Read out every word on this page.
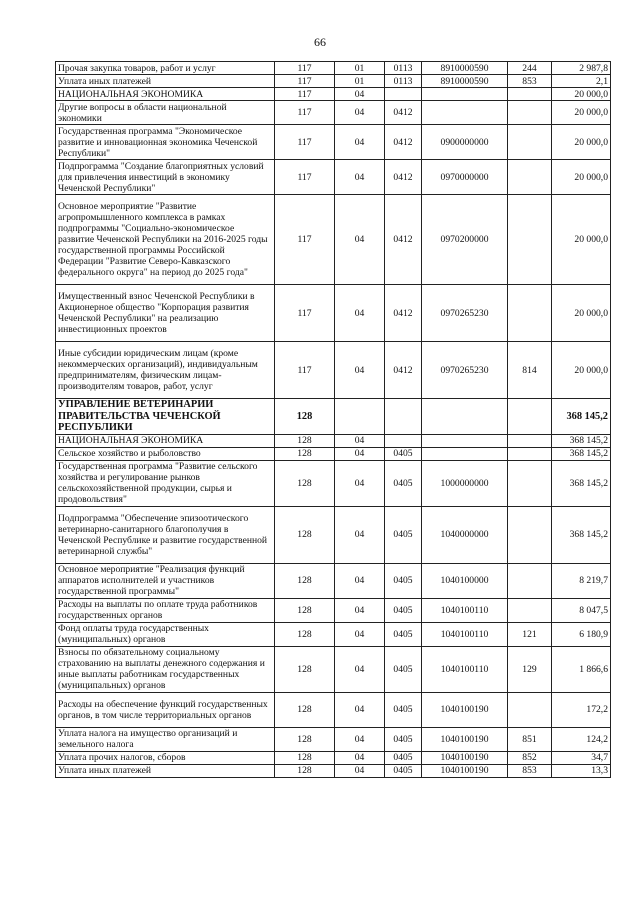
66
Прочая закупка товаров, работ и услуг	117	01	0113	8910000590	244	2 987,8
Уплата иных платежей	117	01	0113	8910000590	853	2,1
НАЦИОНАЛЬНАЯ ЭКОНОМИКА	117	04				20 000,0
Другие вопросы в области национальной экономики	117	04	0412			20 000,0
Государственная программа "Экономическое развитие и инновационная экономика Чеченской Республики"	117	04	0412	0900000000		20 000,0
Подпрограмма "Создание благоприятных условий для привлечения инвестиций в экономику Чеченской Республики"	117	04	0412	0970000000		20 000,0
Основное мероприятие "Развитие агропромышленного комплекса в рамках подпрограммы "Социально-экономическое развитие Чеченской Республики на 2016-2025 годы государственной программы Российской Федерации "Развитие Северо-Кавказского федерального округа" на период до 2025 года"	117	04	0412	0970200000		20 000,0
Имущественный взнос Чеченской Республики в Акционерное общество "Корпорация развития Чеченской Республики" на реализацию инвестиционных проектов	117	04	0412	0970265230		20 000,0
Иные субсидии юридическим лицам (кроме некоммерческих организаций), индивидуальным предпринимателям, физическим лицам-производителям товаров, работ, услуг	117	04	0412	0970265230	814	20 000,0
УПРАВЛЕНИЕ ВЕТЕРИНАРИИ ПРАВИТЕЛЬСТВА ЧЕЧЕНСКОЙ РЕСПУБЛИКИ	128					368 145,2
НАЦИОНАЛЬНАЯ ЭКОНОМИКА	128	04				368 145,2
Сельское хозяйство и рыболовство	128	04	0405			368 145,2
Государственная программа "Развитие сельского хозяйства и регулирование рынков сельскохозяйственной продукции, сырья и продовольствия"	128	04	0405	1000000000		368 145,2
Подпрограмма "Обеспечение эпизоотического ветеринарно-санитарного благополучия в Чеченской Республике и развитие государственной ветеринарной службы"	128	04	0405	1040000000		368 145,2
Основное мероприятие "Реализация функций аппаратов исполнителей и участников государственной программы"	128	04	0405	1040100000		8 219,7
Расходы на выплаты по оплате труда работников государственных органов	128	04	0405	1040100110		8 047,5
Фонд оплаты труда государственных (муниципальных) органов	128	04	0405	1040100110	121	6 180,9
Взносы по обязательному социальному страхованию на выплаты денежного содержания и иные выплаты работникам государственных (муниципальных) органов	128	04	0405	1040100110	129	1 866,6
Расходы на обеспечение функций государственных органов, в том числе территориальных органов	128	04	0405	1040100190		172,2
Уплата налога на имущество организаций и земельного налога	128	04	0405	1040100190	851	124,2
Уплата прочих налогов, сборов	128	04	0405	1040100190	852	34,7
Уплата иных платежей	128	04	0405	1040100190	853	13,3
